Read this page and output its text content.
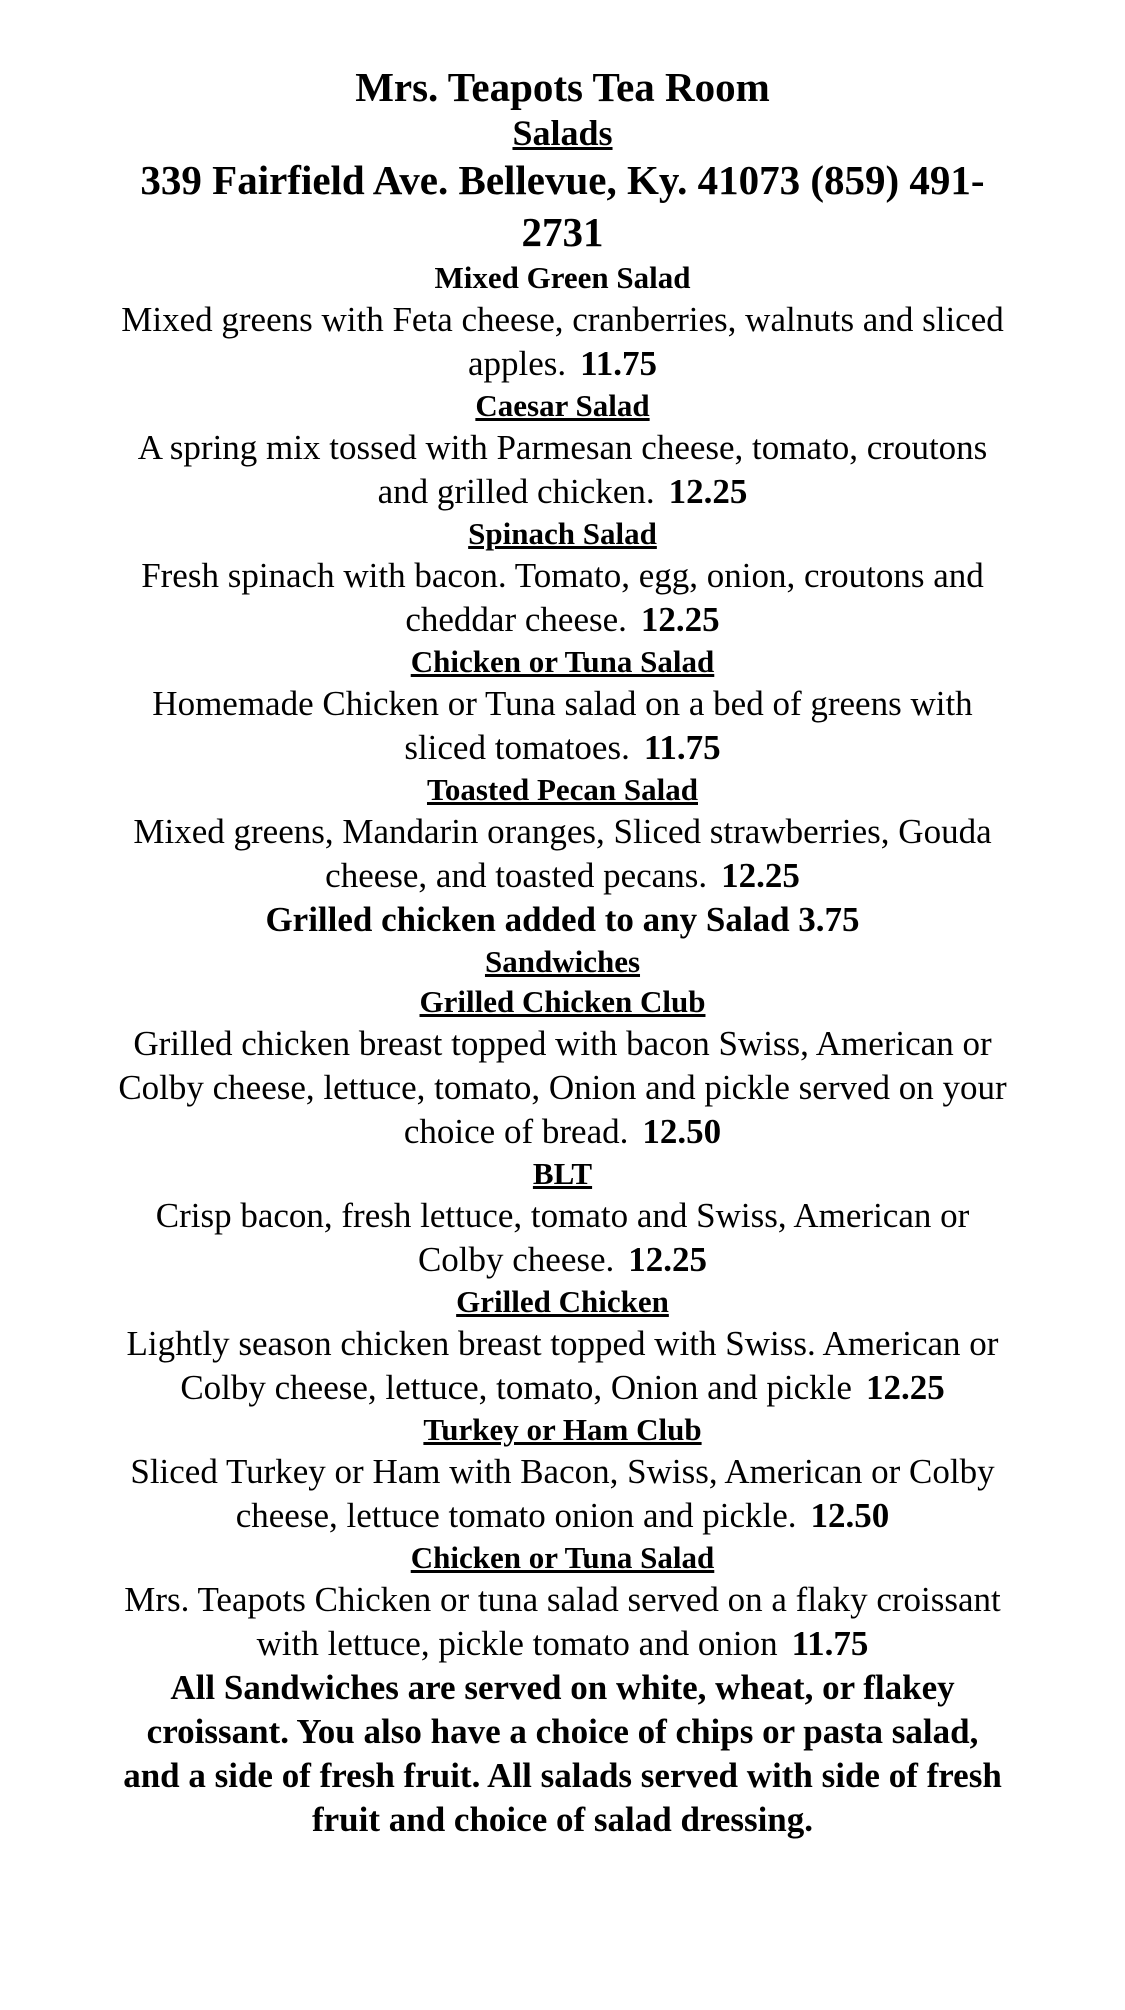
Mrs. Teapots Tea Room
Salads
339 Fairfield Ave. Bellevue, Ky. 41073 (859) 491-2731
Mixed Green Salad
Mixed greens with Feta cheese, cranberries, walnuts and sliced apples. 11.75
Caesar Salad
A spring mix tossed with Parmesan cheese, tomato, croutons and grilled chicken. 12.25
Spinach Salad
Fresh spinach with bacon. Tomato, egg, onion, croutons and cheddar cheese. 12.25
Chicken or Tuna Salad
Homemade Chicken or Tuna salad on a bed of greens with sliced tomatoes. 11.75
Toasted Pecan Salad
Mixed greens, Mandarin oranges, Sliced strawberries, Gouda cheese, and toasted pecans. 12.25
Grilled chicken added to any Salad 3.75
Sandwiches
Grilled Chicken Club
Grilled chicken breast topped with bacon Swiss, American or Colby cheese, lettuce, tomato, Onion and pickle served on your choice of bread. 12.50
BLT
Crisp bacon, fresh lettuce, tomato and Swiss, American or Colby cheese. 12.25
Grilled Chicken
Lightly season chicken breast topped with Swiss. American or Colby cheese, lettuce, tomato, Onion and pickle 12.25
Turkey or Ham Club
Sliced Turkey or Ham with Bacon, Swiss, American or Colby cheese, lettuce tomato onion and pickle. 12.50
Chicken or Tuna Salad
Mrs. Teapots Chicken or tuna salad served on a flaky croissant with lettuce, pickle tomato and onion 11.75
All Sandwiches are served on white, wheat, or flakey croissant. You also have a choice of chips or pasta salad, and a side of fresh fruit. All salads served with side of fresh fruit and choice of salad dressing.
